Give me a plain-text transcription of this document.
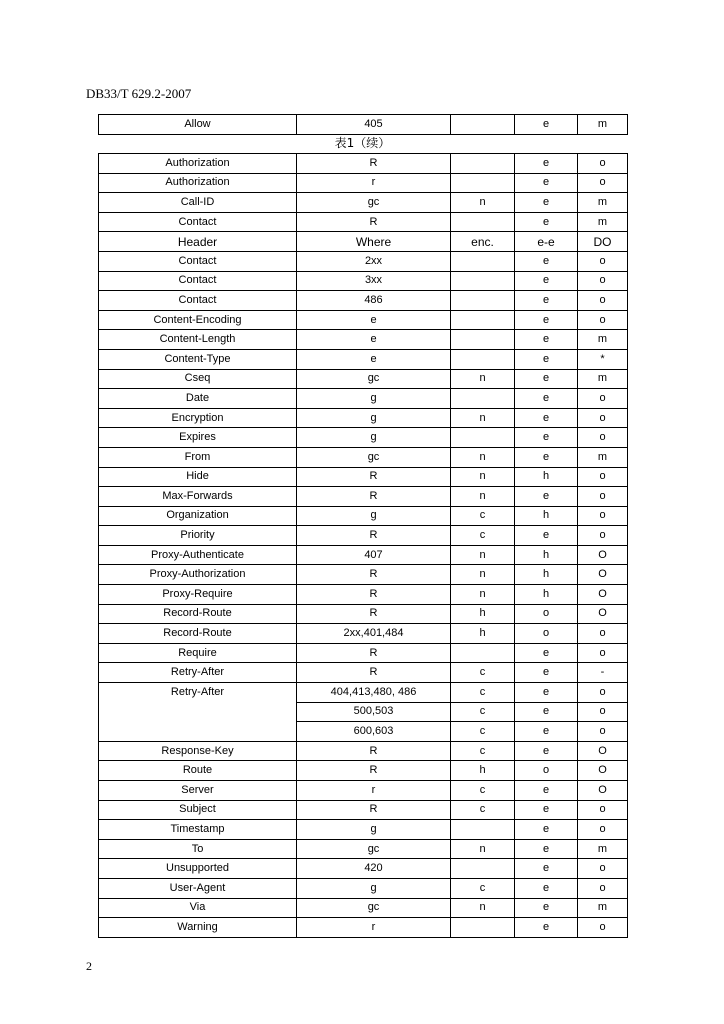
DB33/T 629.2-2007
Allow	405		e	m
表1（续）
Authorization	R		e	o
Authorization	r		e	o
Call-ID	gc	n	e	m
Contact	R		e	m
Header	Where	enc.	e-e	DO
Contact	2xx		e	o
Contact	3xx		e	o
Contact	486		e	o
Content-Encoding	e		e	o
Content-Length	e		e	m
Content-Type	e		e	*
Cseq	gc	n	e	m
Date	g		e	o
Encryption	g	n	e	o
Expires	g		e	o
From	gc	n	e	m
Hide	R	n	h	o
Max-Forwards	R	n	e	o
Organization	g	c	h	o
Priority	R	c	e	o
Proxy-Authenticate	407	n	h	O
Proxy-Authorization	R	n	h	O
Proxy-Require	R	n	h	O
Record-Route	R	h	o	O
Record-Route	2xx,401,484	h	o	o
Require	R		e	o
Retry-After	R	c	e	-
Retry-After	404,413,480, 486	c	e	o
	500,503	c	e	o
	600,603	c	e	o
Response-Key	R	c	e	O
Route	R	h	o	O
Server	r	c	e	O
Subject	R	c	e	o
Timestamp	g		e	o
To	gc	n	e	m
Unsupported	420		e	o
User-Agent	g	c	e	o
Via	gc	n	e	m
Warning	r		e	o
2
